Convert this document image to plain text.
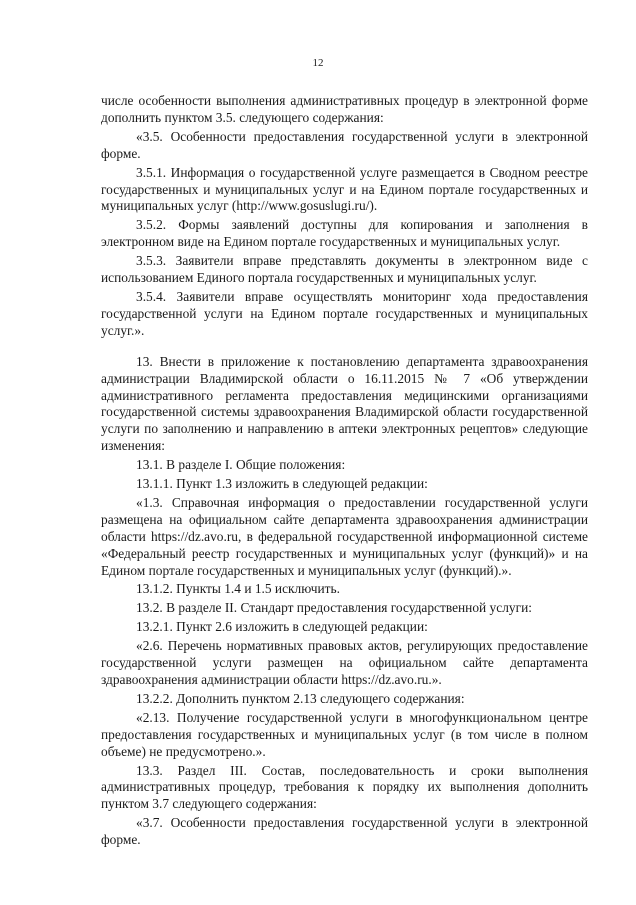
12

числе особенности выполнения административных процедур в электронной форме дополнить пунктом 3.5. следующего содержания:

«3.5. Особенности предоставления государственной услуги в электронной форме.

3.5.1. Информация о государственной услуге размещается в Сводном реестре государственных и муниципальных услуг и на Едином портале государственных и муниципальных услуг (http://www.gosuslugi.ru/).

3.5.2. Формы заявлений доступны для копирования и заполнения в электронном виде на Едином портале государственных и муниципальных услуг.

3.5.3. Заявители вправе представлять документы в электронном виде с использованием Единого портала государственных и муниципальных услуг.

3.5.4. Заявители вправе осуществлять мониторинг хода предоставления государственной услуги на Едином портале государственных и муниципальных услуг.».

13. Внести в приложение к постановлению департамента здравоохранения администрации Владимирской области о 16.11.2015 № 7 «Об утверждении административного регламента предоставления медицинскими организациями государственной системы здравоохранения Владимирской области государственной услуги по заполнению и направлению в аптеки электронных рецептов» следующие изменения:

13.1. В разделе I. Общие положения:

13.1.1. Пункт 1.3 изложить в следующей редакции:

«1.3. Справочная информация о предоставлении государственной услуги размещена на официальном сайте департамента здравоохранения администрации области https://dz.avo.ru, в федеральной государственной информационной системе «Федеральный реестр государственных и муниципальных услуг (функций)» и на Едином портале государственных и муниципальных услуг (функций).».

13.1.2. Пункты 1.4 и 1.5 исключить.

13.2. В разделе II. Стандарт предоставления государственной услуги:

13.2.1. Пункт 2.6 изложить в следующей редакции:

«2.6. Перечень нормативных правовых актов, регулирующих предоставление государственной услуги размещен на официальном сайте департамента здравоохранения администрации области https://dz.avo.ru.».

13.2.2. Дополнить пунктом 2.13 следующего содержания:

«2.13. Получение государственной услуги в многофункциональном центре предоставления государственных и муниципальных услуг (в том числе в полном объеме) не предусмотрено.».

13.3. Раздел III. Состав, последовательность и сроки выполнения административных процедур, требования к порядку их выполнения дополнить пунктом 3.7 следующего содержания:

«3.7. Особенности предоставления государственной услуги в электронной форме.
